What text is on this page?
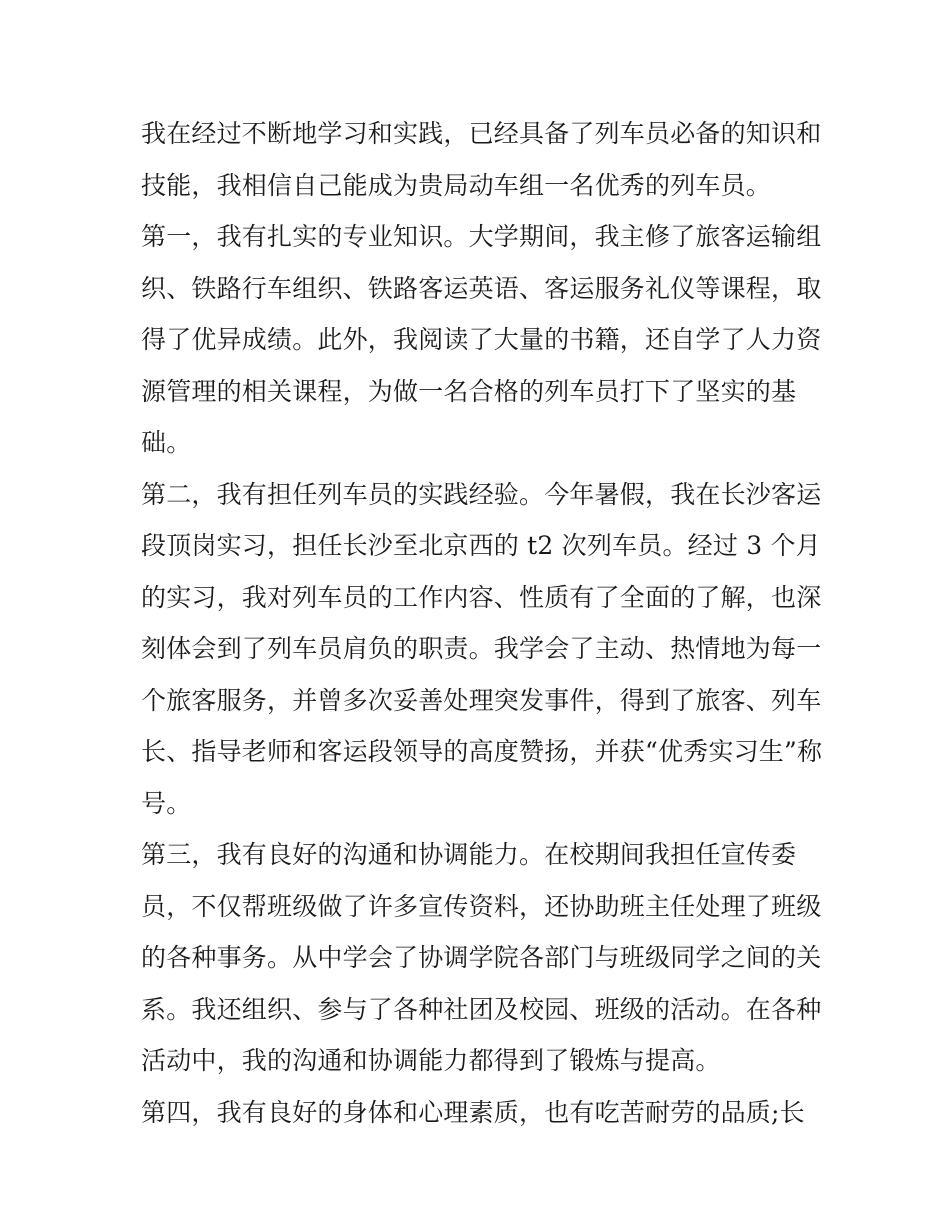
我在经过不断地学习和实践，已经具备了列车员必备的知识和
技能，我相信自己能成为贵局动车组一名优秀的列车员。
第一，我有扎实的专业知识。大学期间，我主修了旅客运输组
织、铁路行车组织、铁路客运英语、客运服务礼仪等课程，取
得了优异成绩。此外，我阅读了大量的书籍，还自学了人力资
源管理的相关课程，为做一名合格的列车员打下了坚实的基
础。
第二，我有担任列车员的实践经验。今年暑假，我在长沙客运
段顶岗实习，担任长沙至北京西的 t2 次列车员。经过 3 个月
的实习，我对列车员的工作内容、性质有了全面的了解，也深
刻体会到了列车员肩负的职责。我学会了主动、热情地为每一
个旅客服务，并曾多次妥善处理突发事件，得到了旅客、列车
长、指导老师和客运段领导的高度赞扬，并获“优秀实习生”称
号。
第三，我有良好的沟通和协调能力。在校期间我担任宣传委
员，不仅帮班级做了许多宣传资料，还协助班主任处理了班级
的各种事务。从中学会了协调学院各部门与班级同学之间的关
系。我还组织、参与了各种社团及校园、班级的活动。在各种
活动中，我的沟通和协调能力都得到了锻炼与提高。
第四，我有良好的身体和心理素质，也有吃苦耐劳的品质;长
